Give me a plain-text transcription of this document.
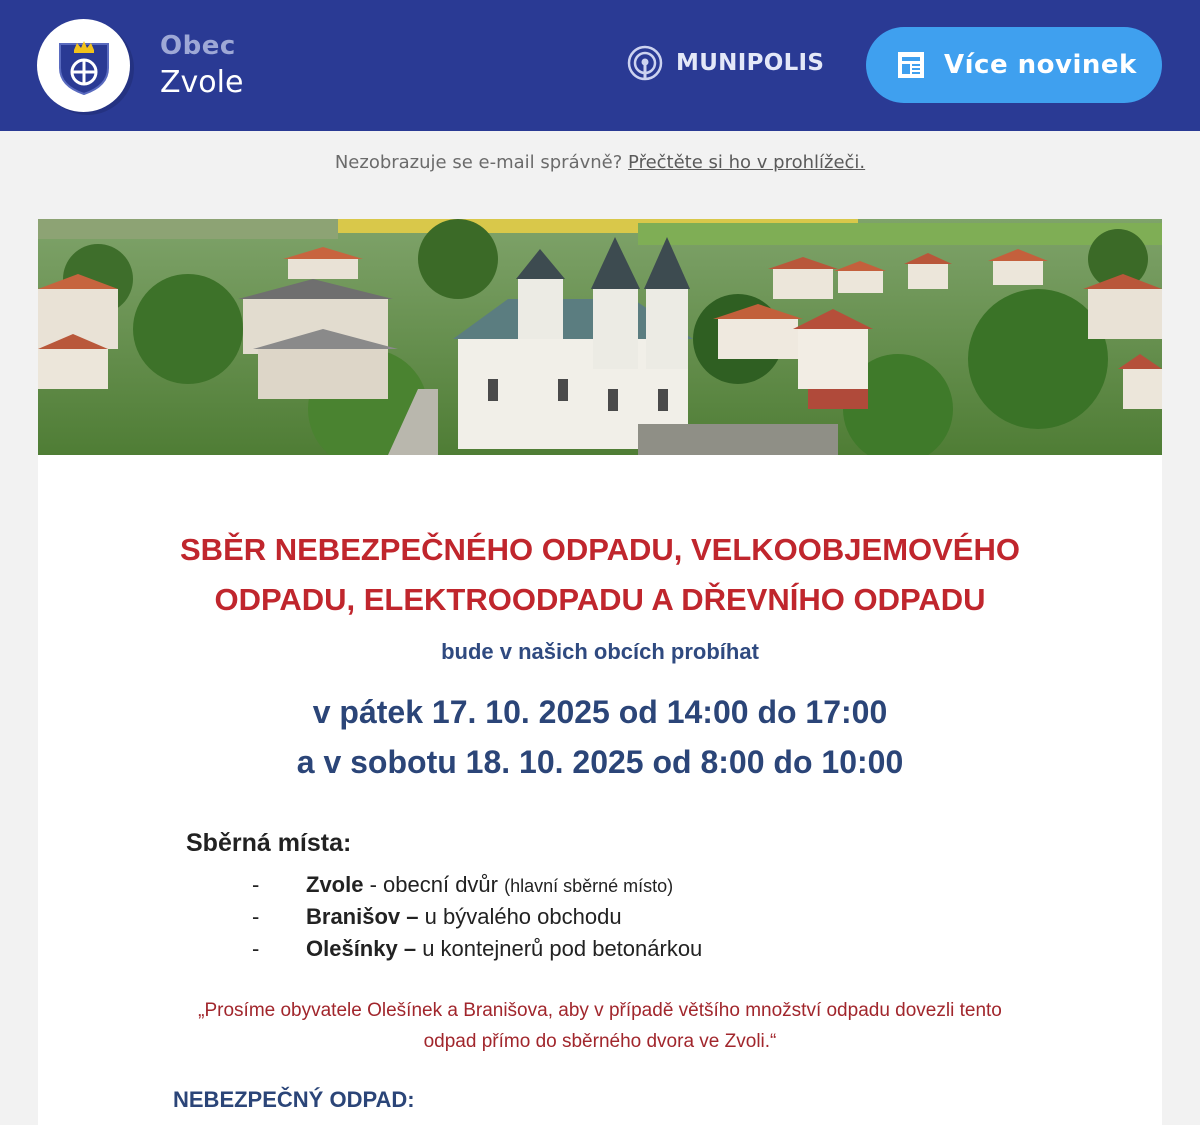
Obec
Zvole
MUNIPOLIS	Více novinek
Nezobrazuje se e-mail správně? Přečtěte si ho v prohlížeči.
SBĚR NEBEZPEČNÉHO ODPADU, VELKOOBJEMOVÉHO
ODPADU, ELEKTROODPADU A DŘEVNÍHO ODPADU
bude v našich obcích probíhat
v pátek 17. 10. 2025 od 14:00 do 17:00
a v sobotu 18. 10. 2025 od 8:00 do 10:00
Sběrná místa:
- Zvole - obecní dvůr (hlavní sběrné místo)
- Branišov – u bývalého obchodu
- Olešínky – u kontejnerů pod betonárkou
„Prosíme obyvatele Olešínek a Branišova, aby v případě většího množství odpadu dovezli tento
odpad přímo do sběrného dvora ve Zvoli.“
NEBEZPEČNÝ ODPAD:
